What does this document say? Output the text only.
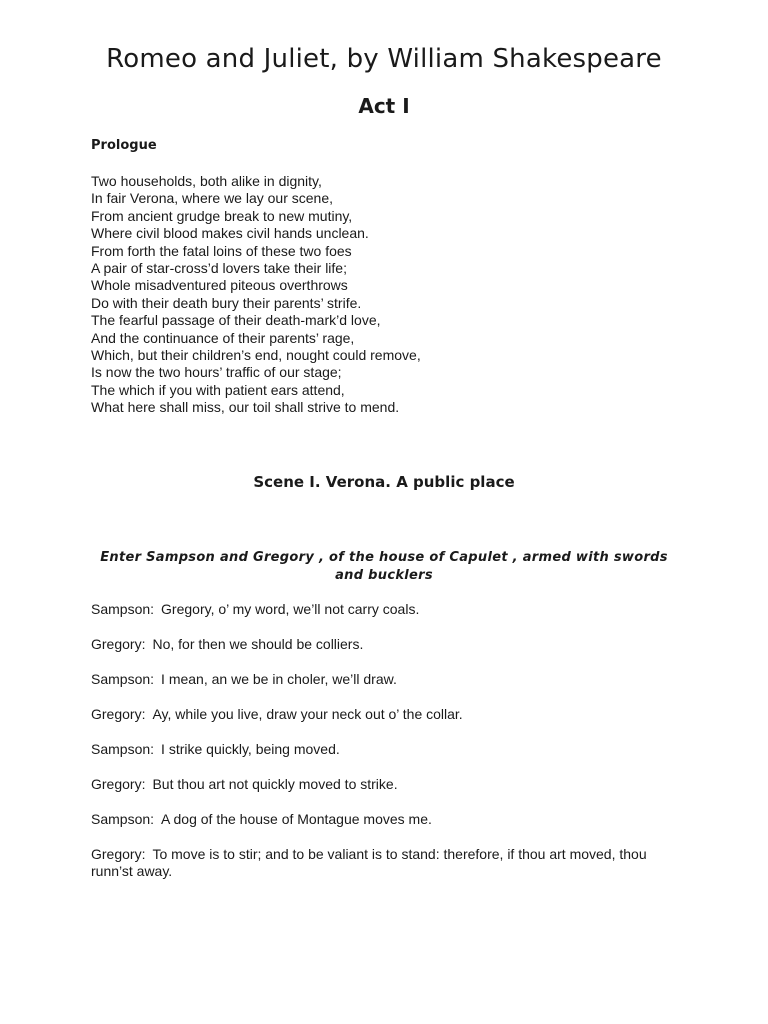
Romeo and Juliet, by William Shakespeare
Act I
Prologue
Two households, both alike in dignity,
In fair Verona, where we lay our scene,
From ancient grudge break to new mutiny,
Where civil blood makes civil hands unclean.
From forth the fatal loins of these two foes
A pair of star-cross’d lovers take their life;
Whole misadventured piteous overthrows
Do with their death bury their parents’ strife.
The fearful passage of their death-mark’d love,
And the continuance of their parents’ rage,
Which, but their children’s end, nought could remove,
Is now the two hours’ traffic of our stage;
The which if you with patient ears attend,
What here shall miss, our toil shall strive to mend.
Scene I. Verona. A public place

Enter Sampson and Gregory , of the house of Capulet , armed with swords and bucklers

Sampson: Gregory, o’ my word, we’ll not carry coals.
Gregory: No, for then we should be colliers.
Sampson: I mean, an we be in choler, we’ll draw.
Gregory: Ay, while you live, draw your neck out o’ the collar.
Sampson: I strike quickly, being moved.
Gregory: But thou art not quickly moved to strike.
Sampson: A dog of the house of Montague moves me.
Gregory: To move is to stir; and to be valiant is to stand: therefore, if thou art moved, thou runn’st away.
